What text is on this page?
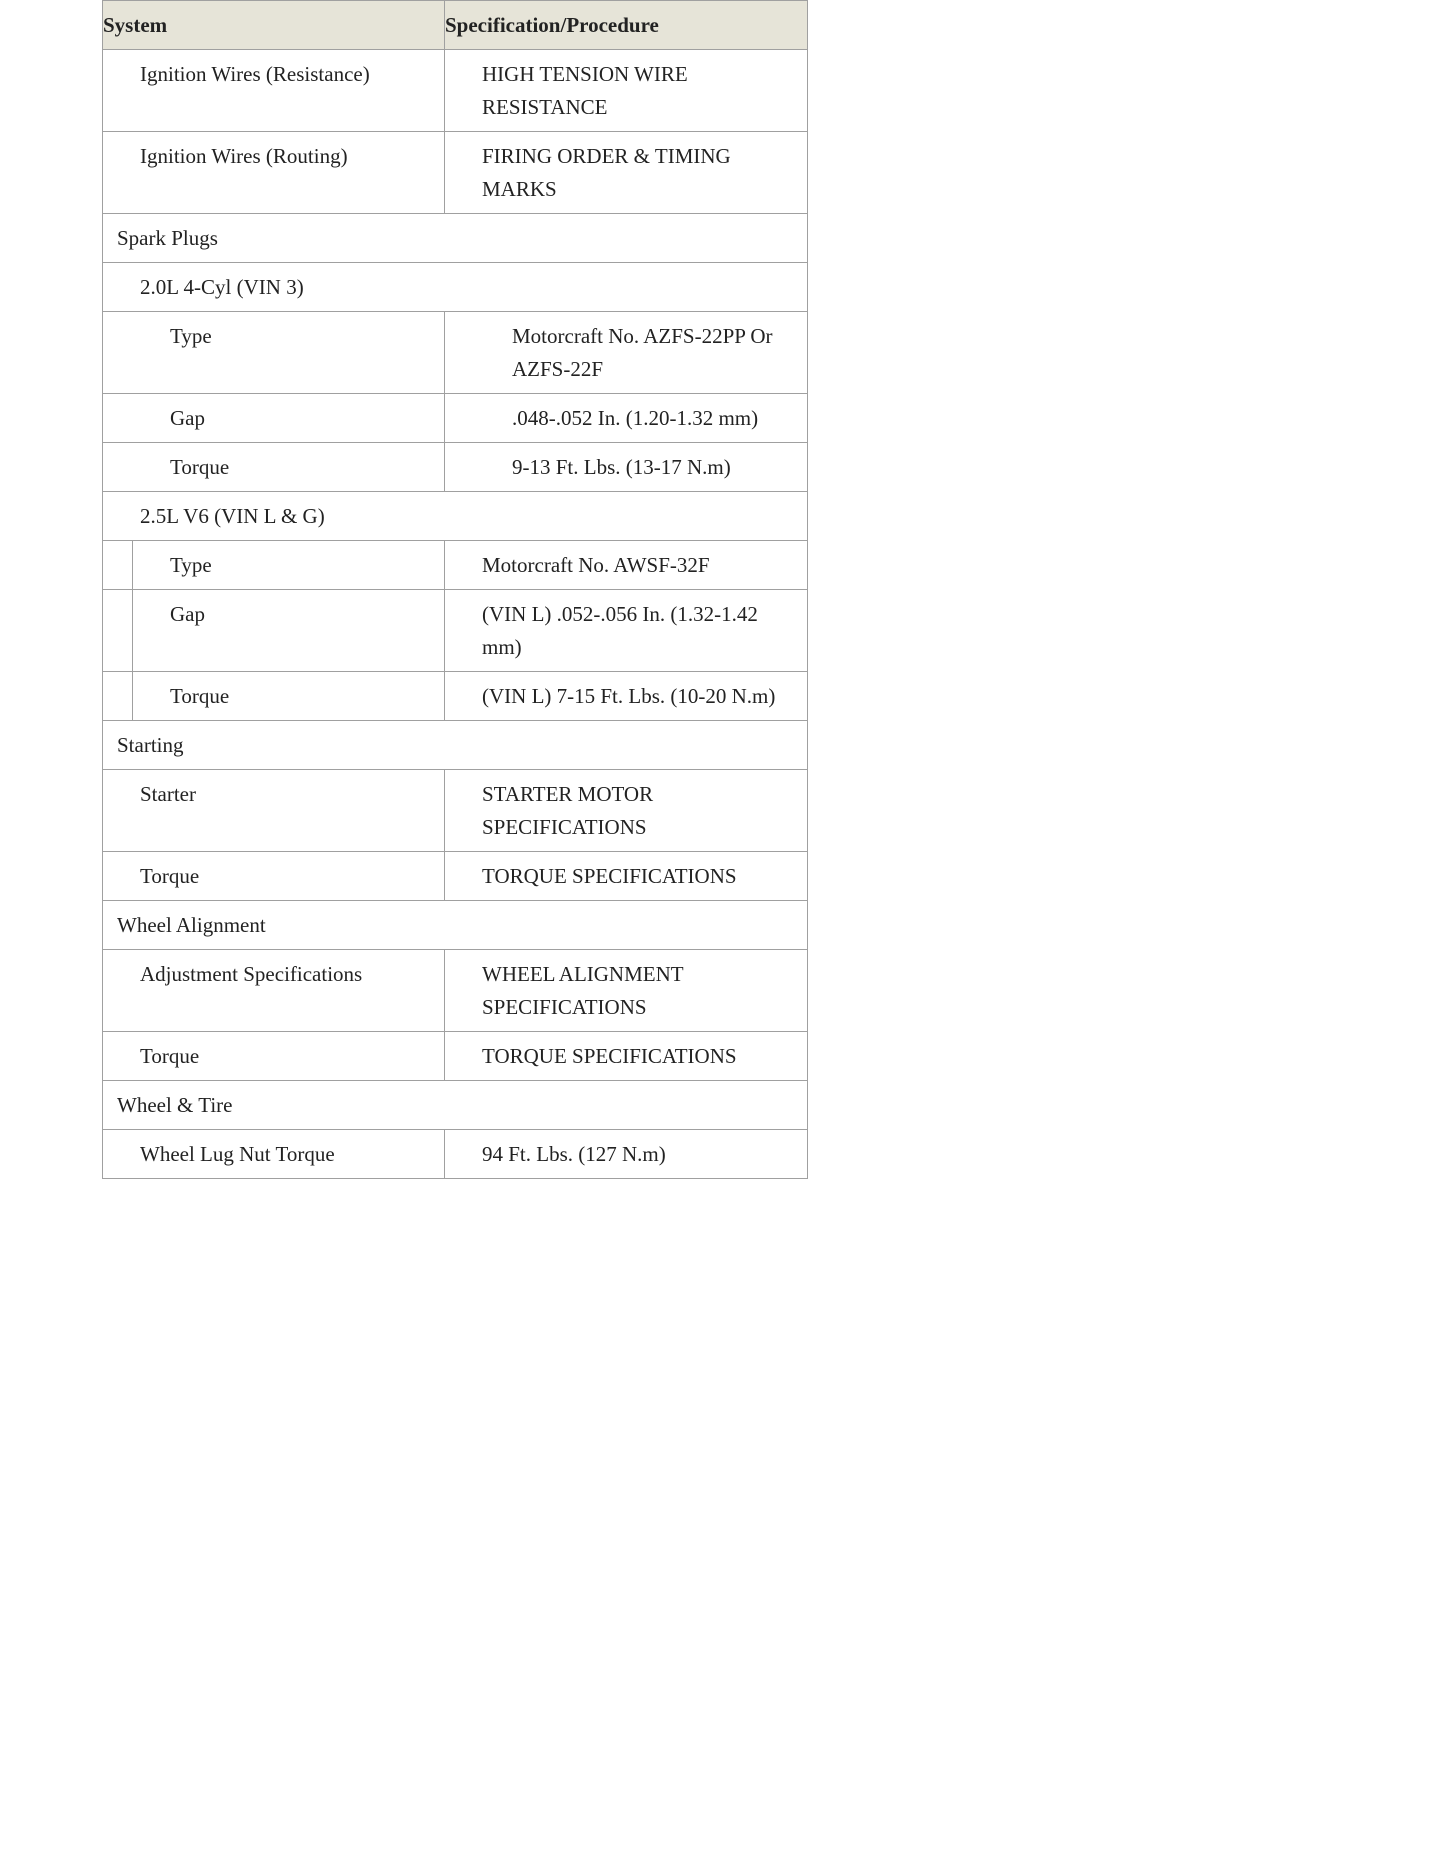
System	Specification/Procedure

Ignition Wires (Resistance)	HIGH TENSION WIRE RESISTANCE

Ignition Wires (Routing)	FIRING ORDER & TIMING MARKS

Spark Plugs	

2.0L 4-Cyl (VIN 3)	

Type	Motorcraft No. AZFS-22PP Or AZFS-22F

Gap	.048-.052 In. (1.20-1.32 mm)

Torque	9-13 Ft. Lbs. (13-17 N.m)

2.5L V6 (VIN L & G)	

Type	Motorcraft No. AWSF-32F

Gap	(VIN L) .052-.056 In. (1.32-1.42 mm)

Torque	(VIN L) 7-15 Ft. Lbs. (10-20 N.m)

Starting	

Starter	STARTER MOTOR SPECIFICATIONS

Torque	TORQUE SPECIFICATIONS

Wheel Alignment	

Adjustment Specifications	WHEEL ALIGNMENT SPECIFICATIONS

Torque	TORQUE SPECIFICATIONS

Wheel & Tire	

Wheel Lug Nut Torque	94 Ft. Lbs. (127 N.m)
